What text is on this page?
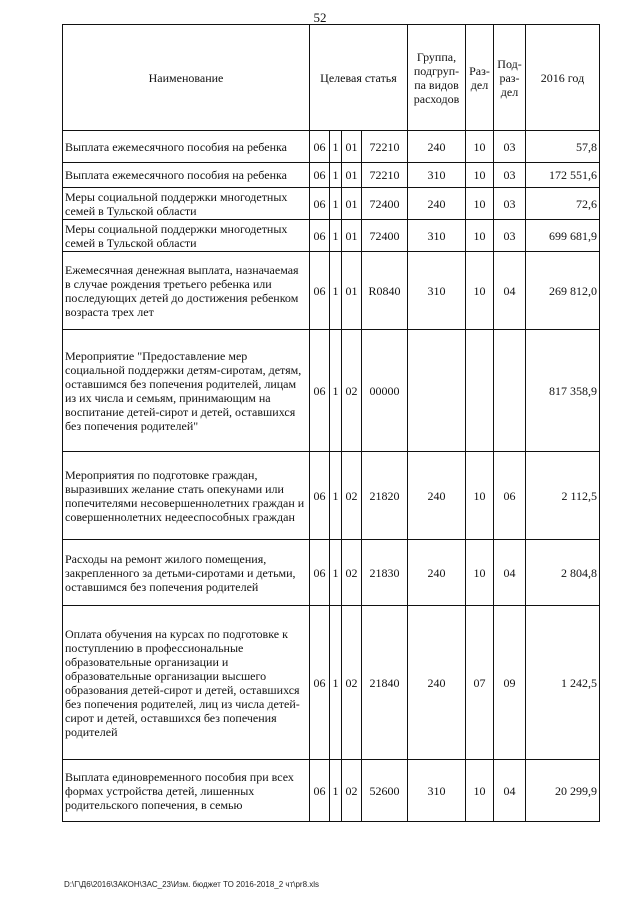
52
Наименование	Целевая статья				Группа, подгруп-па видов расходов	Раз-дел	Под-раз-дел	2016 год
Выплата ежемесячного пособия на ребенка	06	1	01	72210	240	10	03	57,8
Выплата ежемесячного пособия на ребенка	06	1	01	72210	310	10	03	172 551,6
Меры социальной поддержки многодетных семей в Тульской области	06	1	01	72400	240	10	03	72,6
Меры социальной поддержки многодетных семей в Тульской области	06	1	01	72400	310	10	03	699 681,9
Ежемесячная денежная выплата, назначаемая в случае рождения третьего ребенка или последующих детей до достижения ребенком возраста трех лет	06	1	01	R0840	310	10	04	269 812,0
Мероприятие "Предоставление мер социальной поддержки детям-сиротам, детям, оставшимся без попечения родителей, лицам из их числа и семьям, принимающим на воспитание детей-сирот и детей, оставшихся без попечения родителей"	06	1	02	00000				817 358,9
Мероприятия по подготовке граждан, выразивших желание стать опекунами или попечителями несовершеннолетних граждан и совершеннолетних недееспособных граждан	06	1	02	21820	240	10	06	2 112,5
Расходы на ремонт жилого помещения, закрепленного за детьми-сиротами и детьми, оставшимся без попечения родителей	06	1	02	21830	240	10	04	2 804,8
Оплата обучения на курсах по подготовке к поступлению в профессиональные образовательные организации и образовательные организации высшего образования детей-сирот и детей, оставшихся без попечения родителей, лиц из числа детей-сирот и детей, оставшихся без попечения родителей	06	1	02	21840	240	07	09	1 242,5
Выплата единовременного пособия при всех формах устройства детей, лишенных родительского попечения, в семью	06	1	02	52600	310	10	04	20 299,9
D:\Г\Д6\2016\ЗАКОН\ЗАС_23\Изм. бюджет ТО 2016-2018_2 чт\pr8.xls
